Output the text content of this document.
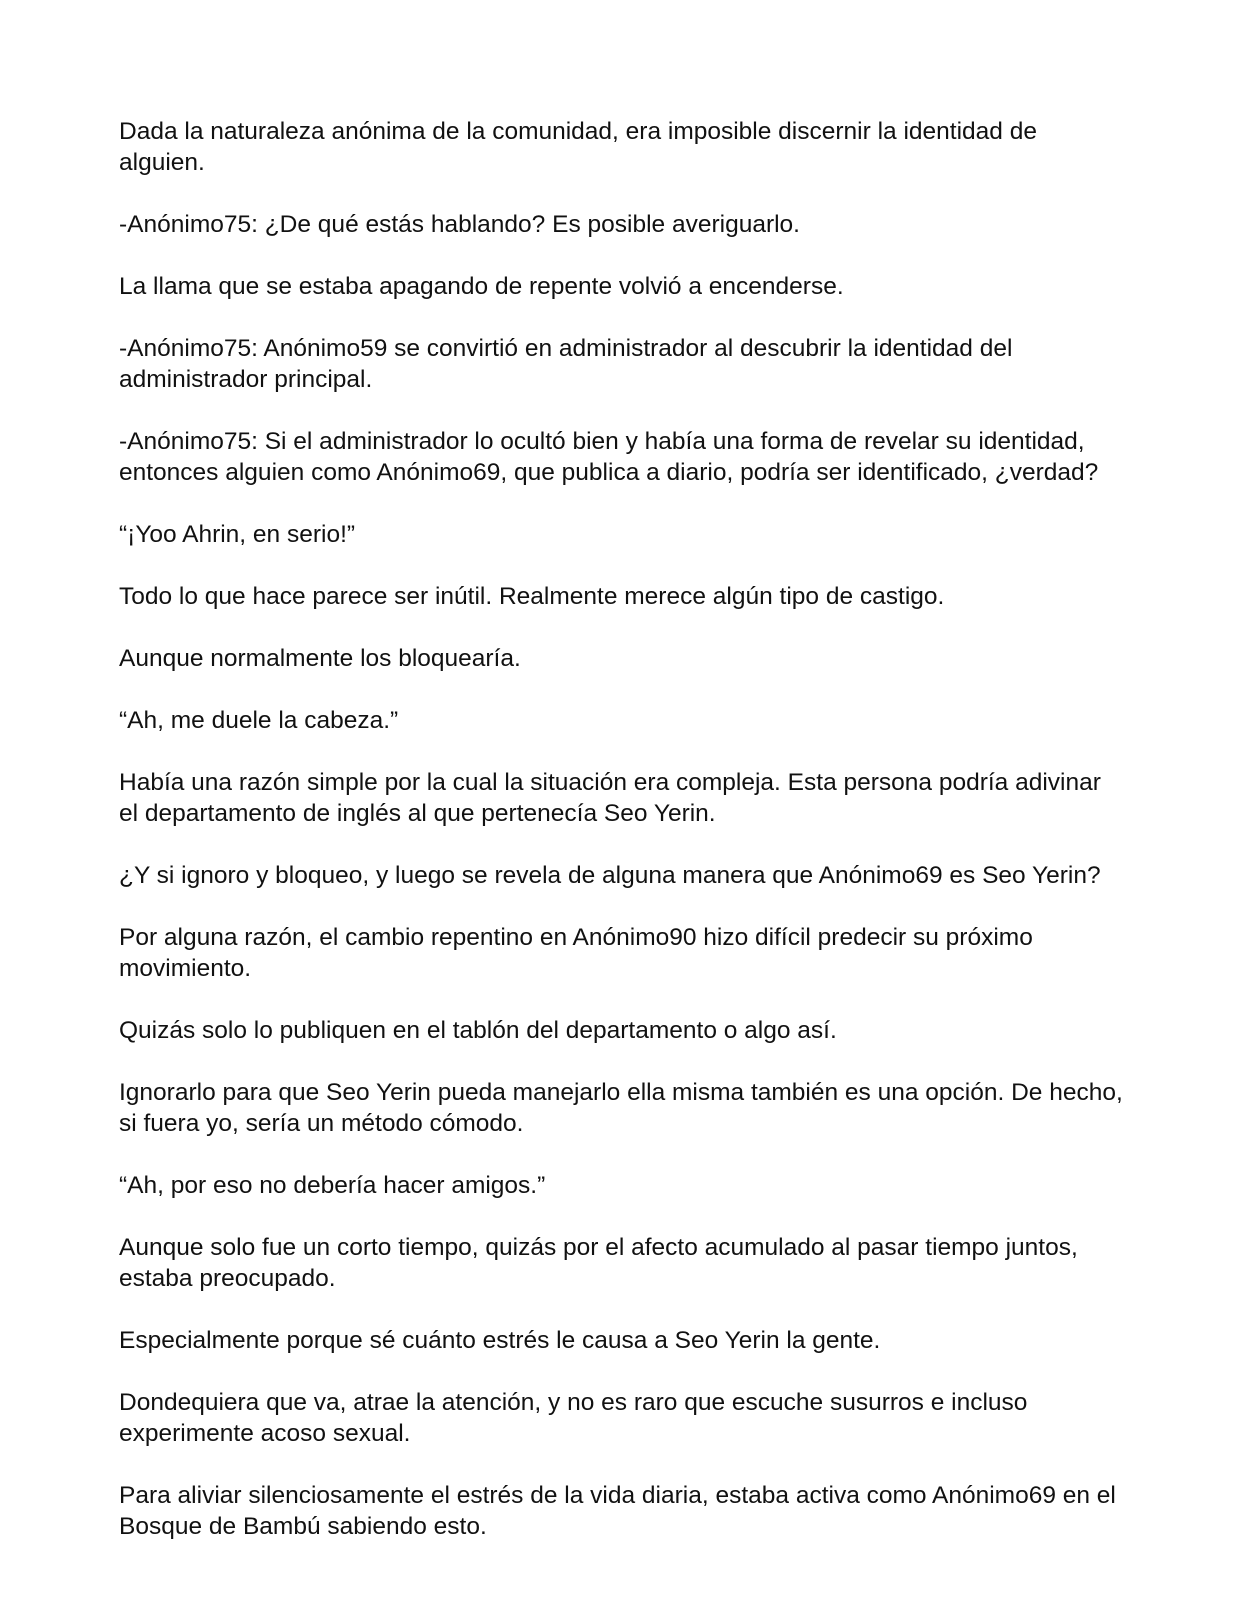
Dada la naturaleza anónima de la comunidad, era imposible discernir la identidad de alguien.

-Anónimo75: ¿De qué estás hablando? Es posible averiguarlo.

La llama que se estaba apagando de repente volvió a encenderse.

-Anónimo75: Anónimo59 se convirtió en administrador al descubrir la identidad del administrador principal.

-Anónimo75: Si el administrador lo ocultó bien y había una forma de revelar su identidad, entonces alguien como Anónimo69, que publica a diario, podría ser identificado, ¿verdad?

“¡Yoo Ahrin, en serio!”

Todo lo que hace parece ser inútil. Realmente merece algún tipo de castigo.

Aunque normalmente los bloquearía.

“Ah, me duele la cabeza.”

Había una razón simple por la cual la situación era compleja. Esta persona podría adivinar el departamento de inglés al que pertenecía Seo Yerin.

¿Y si ignoro y bloqueo, y luego se revela de alguna manera que Anónimo69 es Seo Yerin?

Por alguna razón, el cambio repentino en Anónimo90 hizo difícil predecir su próximo movimiento.

Quizás solo lo publiquen en el tablón del departamento o algo así.

Ignorarlo para que Seo Yerin pueda manejarlo ella misma también es una opción. De hecho, si fuera yo, sería un método cómodo.

“Ah, por eso no debería hacer amigos.”

Aunque solo fue un corto tiempo, quizás por el afecto acumulado al pasar tiempo juntos, estaba preocupado.

Especialmente porque sé cuánto estrés le causa a Seo Yerin la gente.

Dondequiera que va, atrae la atención, y no es raro que escuche susurros e incluso experimente acoso sexual.

Para aliviar silenciosamente el estrés de la vida diaria, estaba activa como Anónimo69 en el Bosque de Bambú sabiendo esto.
